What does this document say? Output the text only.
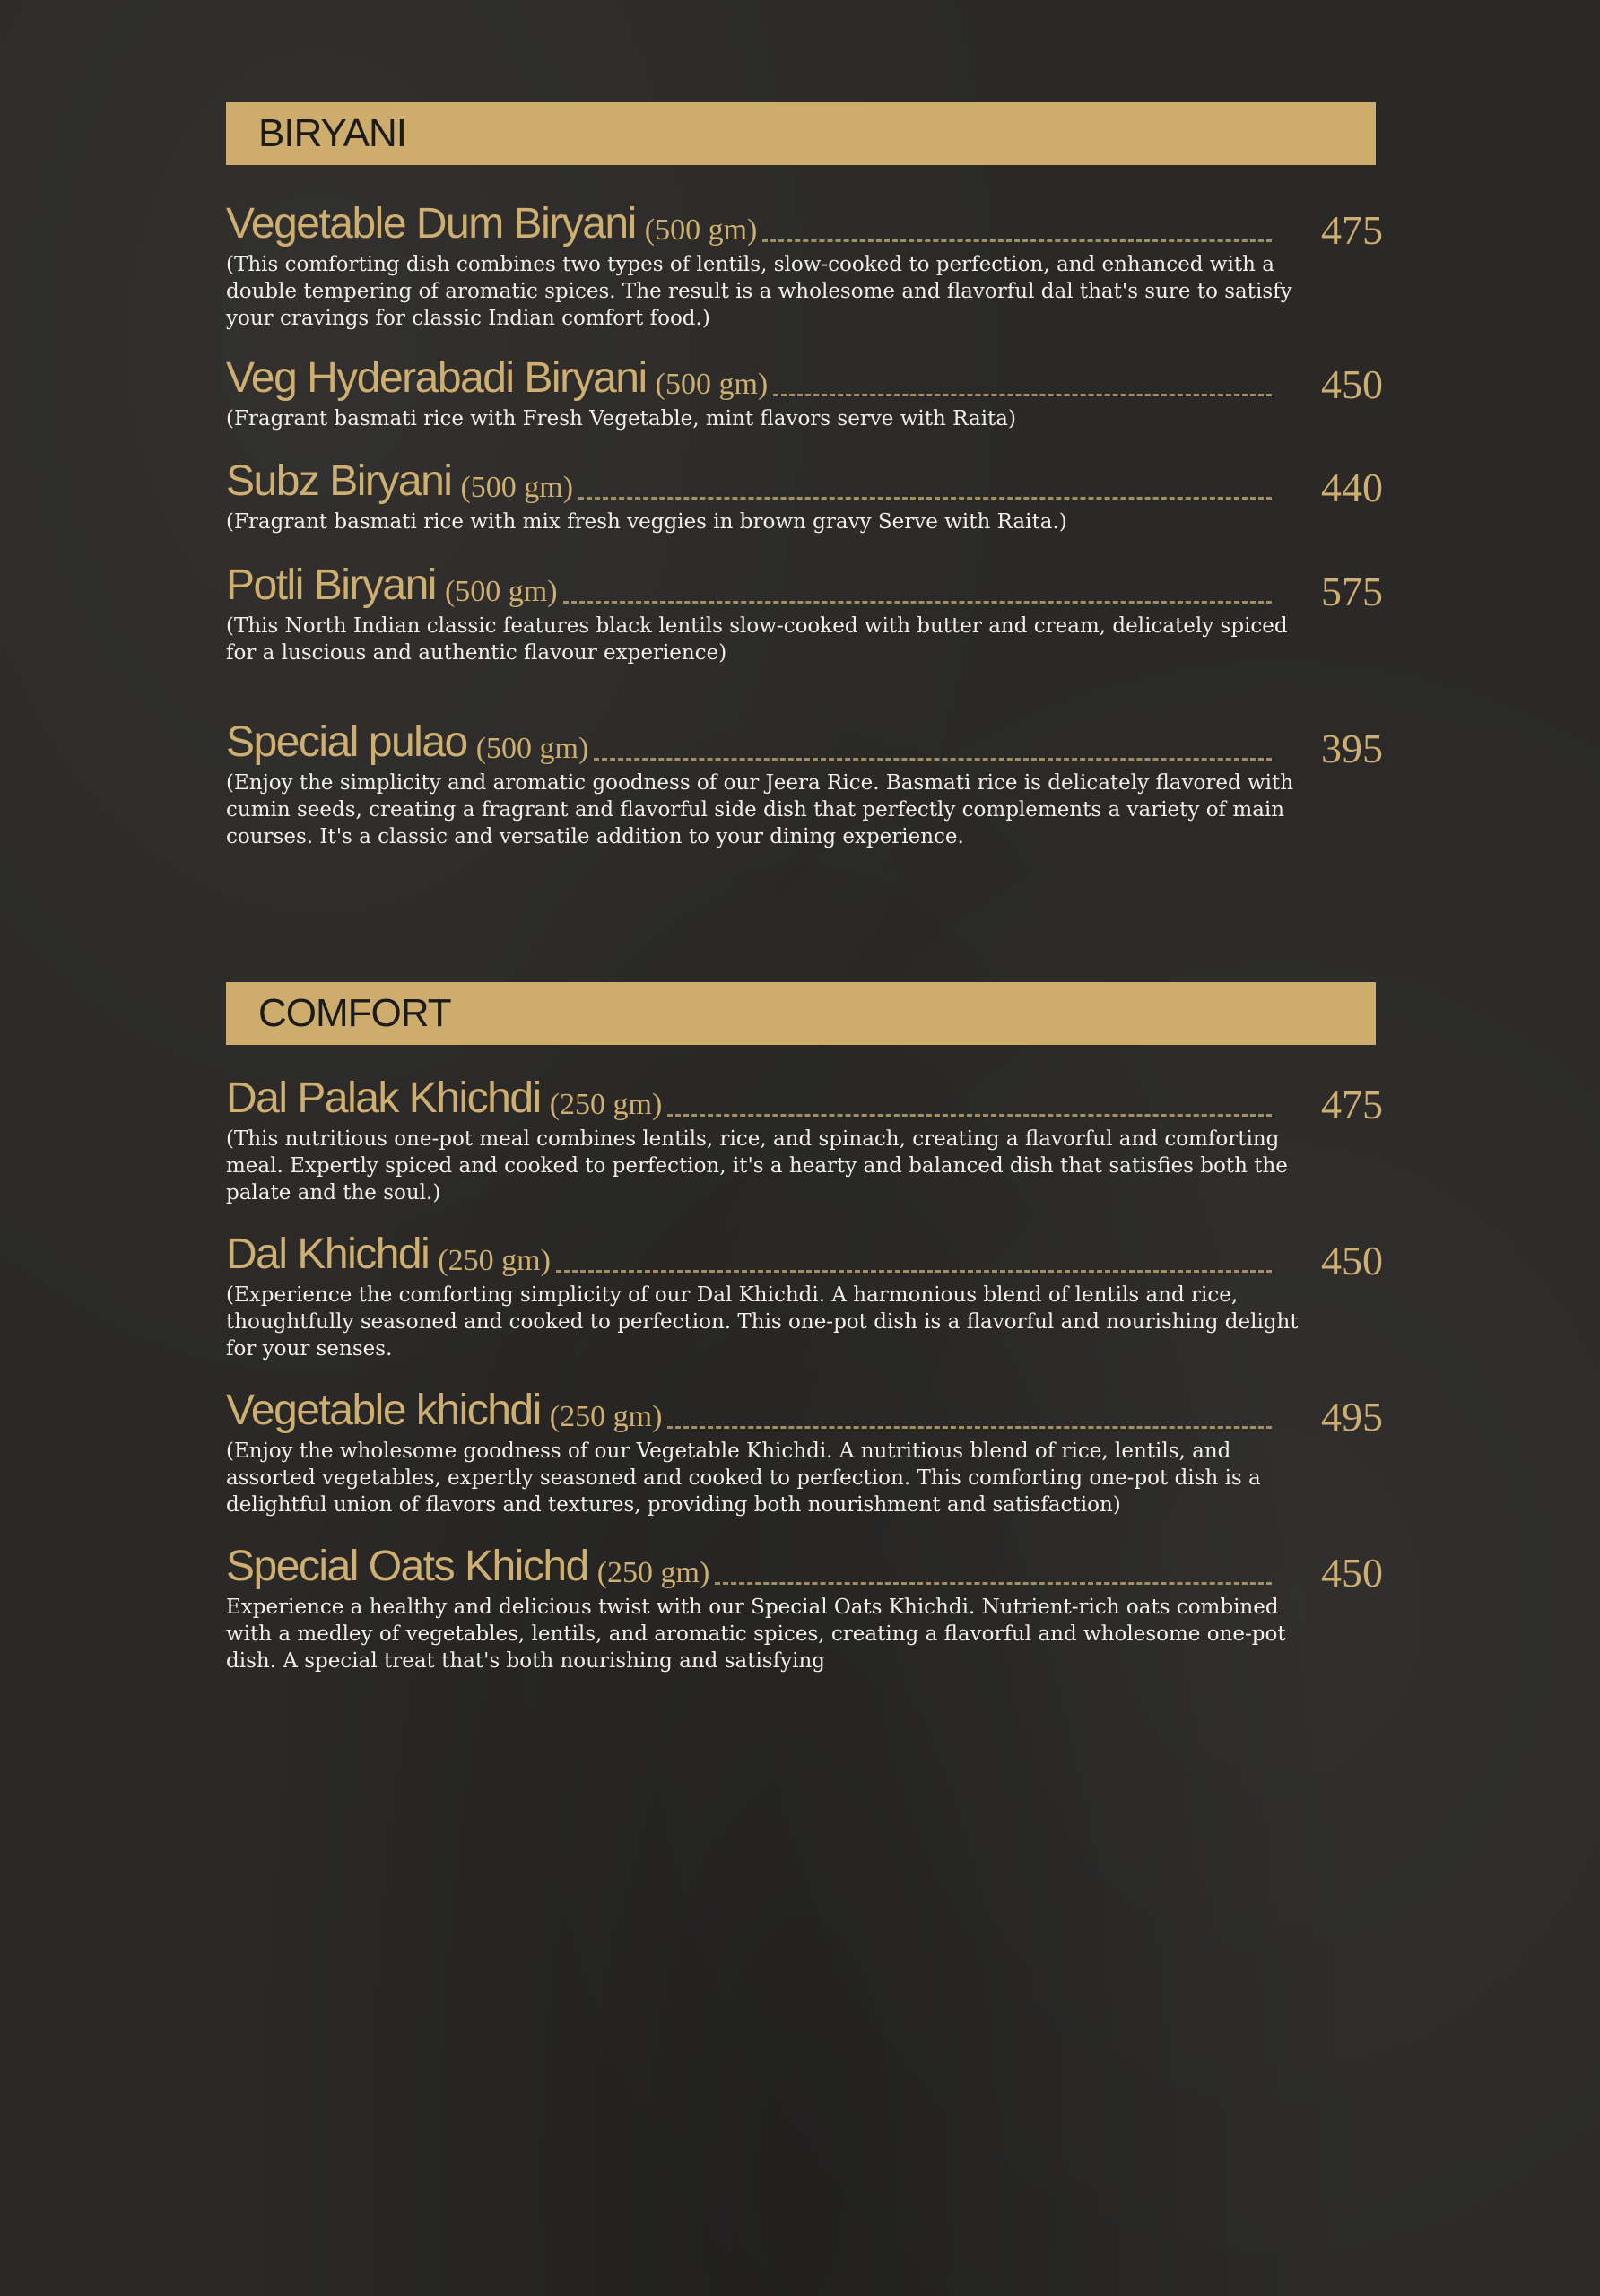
BIRYANI
Vegetable Dum Biryani (500 gm)	475
(This comforting dish combines two types of lentils, slow-cooked to perfection, and enhanced with a double tempering of aromatic spices. The result is a wholesome and flavorful dal that's sure to satisfy your cravings for classic Indian comfort food.)
Veg Hyderabadi Biryani (500 gm)	450
(Fragrant basmati rice with Fresh Vegetable, mint flavors serve with Raita)
Subz Biryani (500 gm)	440
(Fragrant basmati rice with mix fresh veggies in brown gravy Serve with Raita.)
Potli Biryani (500 gm)	575
(This North Indian classic features black lentils slow-cooked with butter and cream, delicately spiced for a luscious and authentic flavour experience)
Special pulao (500 gm)	395
(Enjoy the simplicity and aromatic goodness of our Jeera Rice. Basmati rice is delicately flavored with cumin seeds, creating a fragrant and flavorful side dish that perfectly complements a variety of main courses. It's a classic and versatile addition to your dining experience.
COMFORT
Dal Palak Khichdi (250 gm)	475
(This nutritious one-pot meal combines lentils, rice, and spinach, creating a flavorful and comforting meal. Expertly spiced and cooked to perfection, it's a hearty and balanced dish that satisfies both the palate and the soul.)
Dal Khichdi (250 gm)	450
(Experience the comforting simplicity of our Dal Khichdi. A harmonious blend of lentils and rice, thoughtfully seasoned and cooked to perfection. This one-pot dish is a flavorful and nourishing delight for your senses.
Vegetable khichdi (250 gm)	495
(Enjoy the wholesome goodness of our Vegetable Khichdi. A nutritious blend of rice, lentils, and assorted vegetables, expertly seasoned and cooked to perfection. This comforting one-pot dish is a delightful union of flavors and textures, providing both nourishment and satisfaction)
Special Oats Khichd (250 gm)	450
Experience a healthy and delicious twist with our Special Oats Khichdi. Nutrient-rich oats combined with a medley of vegetables, lentils, and aromatic spices, creating a flavorful and wholesome one-pot dish. A special treat that's both nourishing and satisfying
